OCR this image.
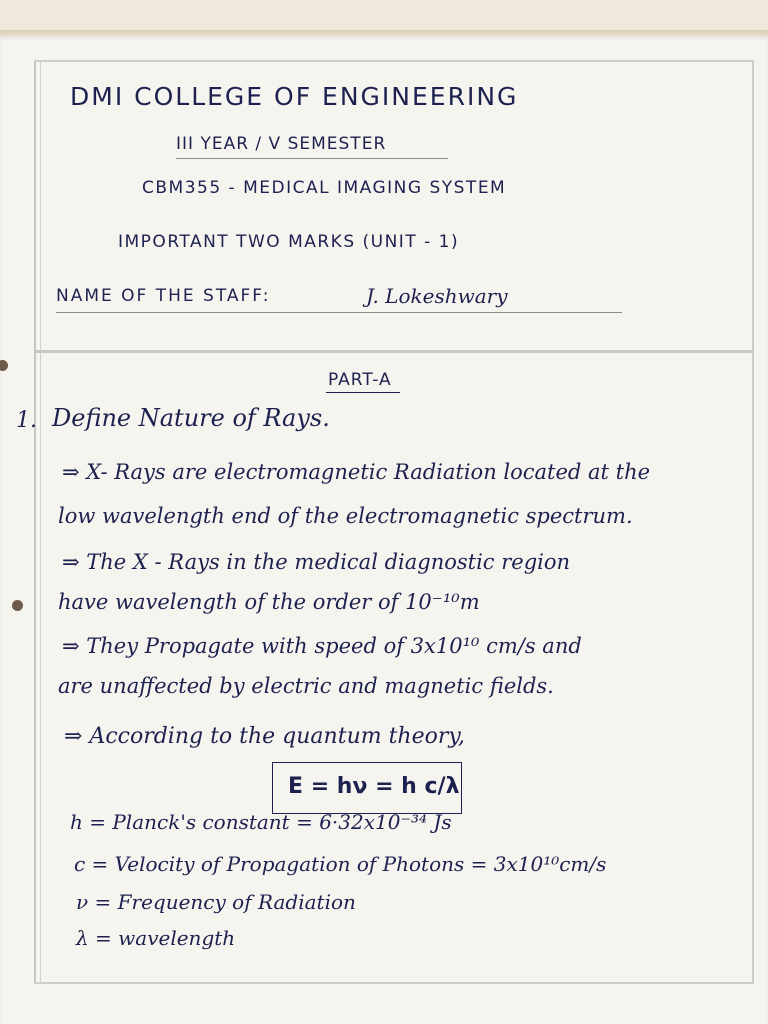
DMI COLLEGE OF ENGINEERING
III YEAR / V SEMESTER
CBM355 - MEDICAL IMAGING SYSTEM
IMPORTANT TWO MARKS (UNIT - 1)
NAME OF THE STAFF:	J. Lokeshwary
PART-A
1. Define Nature of Rays.
⇒ X- Rays are electromagnetic Radiation located at the
low wavelength end of the electromagnetic spectrum.
⇒ The X - Rays in the medical diagnostic region
have wavelength of the order of 10⁻¹⁰m
⇒ They Propagate with speed of 3x10¹⁰ cm/s and
are unaffected by electric and magnetic fields.
⇒ According to the quantum theory,
E = hν = h c/λ
h = Planck's constant = 6·32x10⁻³⁴ Js
c = Velocity of Propagation of Photons = 3x10¹⁰cm/s
ν = Frequency of Radiation
λ = wavelength
